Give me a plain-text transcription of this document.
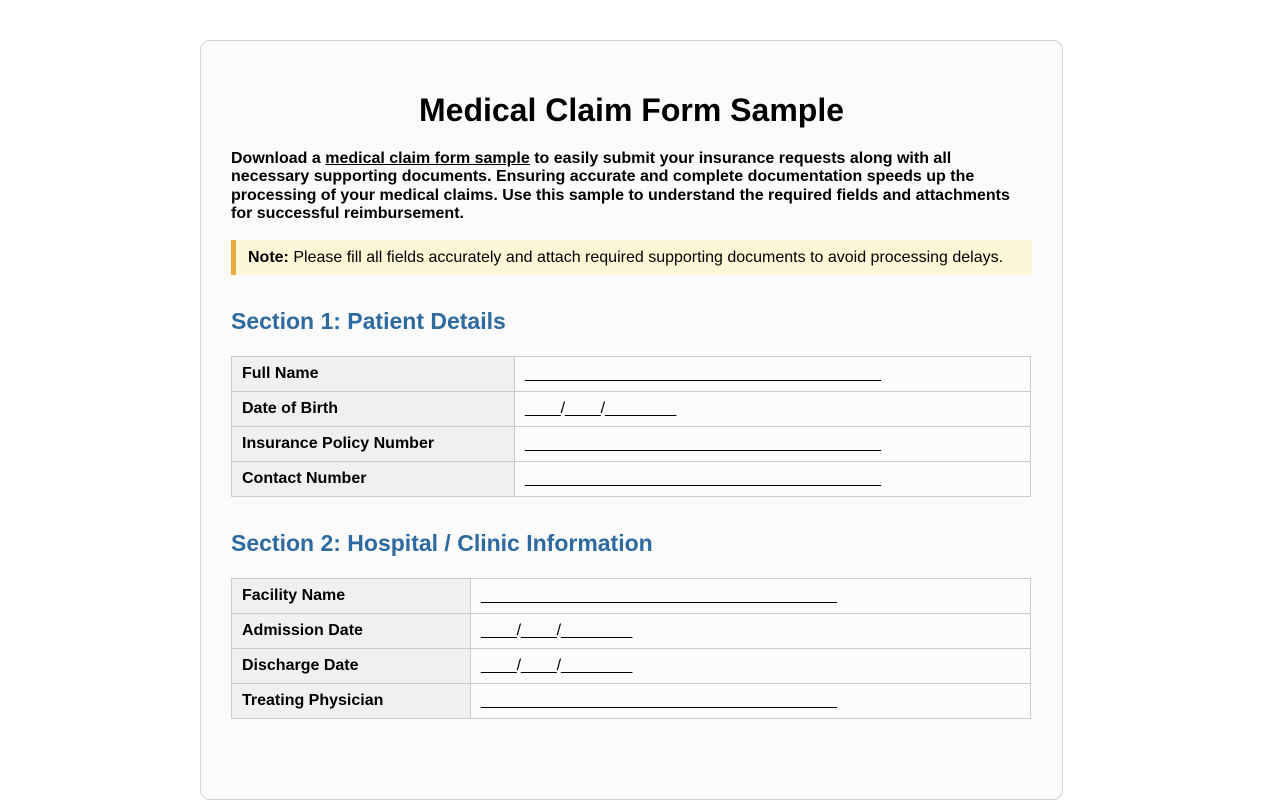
Medical Claim Form Sample

Download a medical claim form sample to easily submit your insurance requests along with all necessary supporting documents. Ensuring accurate and complete documentation speeds up the processing of your medical claims. Use this sample to understand the required fields and attachments for successful reimbursement.

Note: Please fill all fields accurately and attach required supporting documents to avoid processing delays.
Section 1: Patient Details
Full Name	________________________________________
Date of Birth	____/____/________
Insurance Policy Number	________________________________________
Contact Number	________________________________________
Section 2: Hospital / Clinic Information
Facility Name	________________________________________
Admission Date	____/____/________
Discharge Date	____/____/________
Treating Physician	________________________________________
